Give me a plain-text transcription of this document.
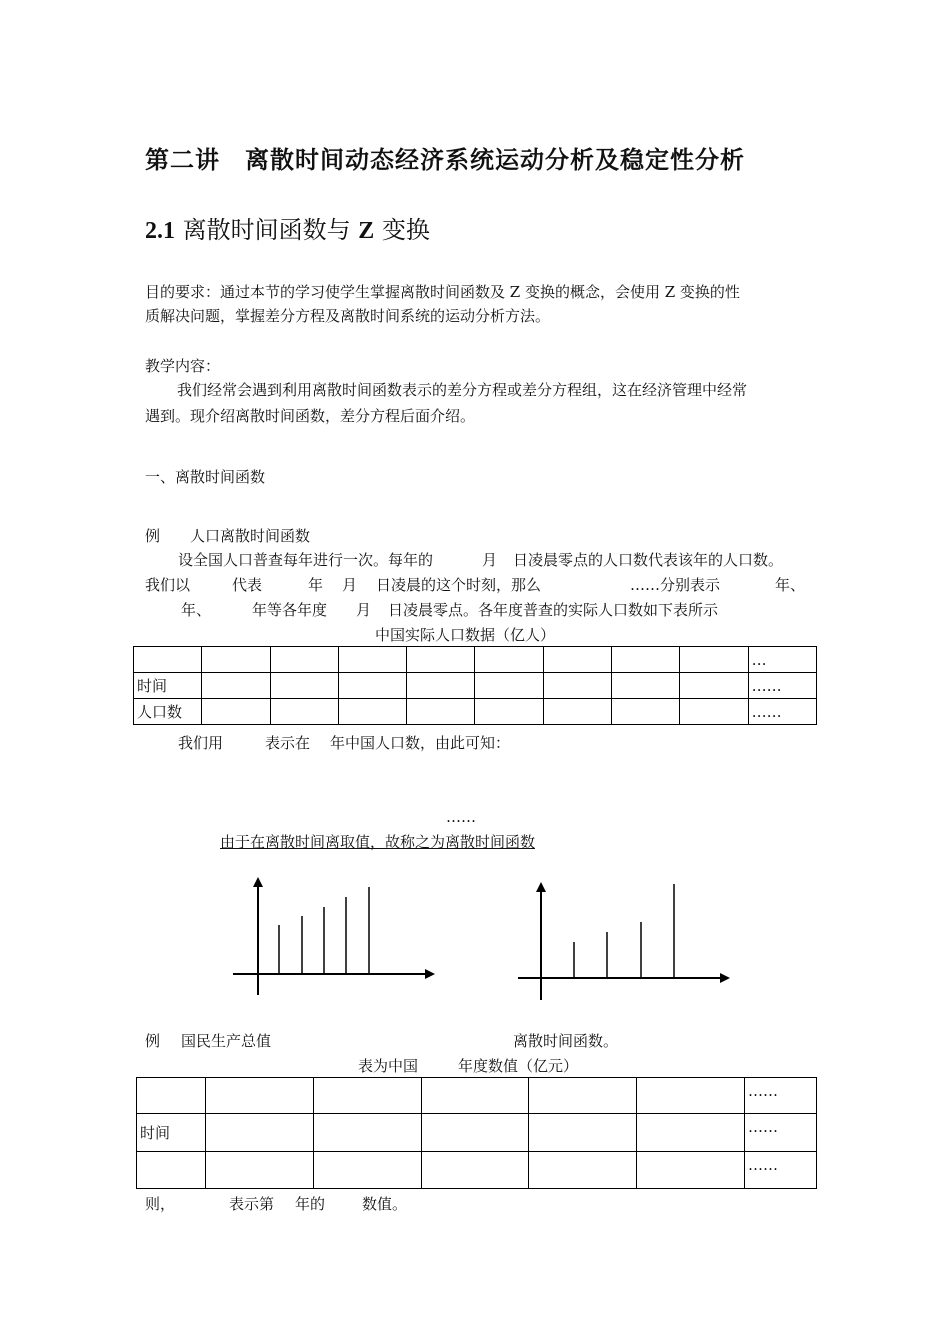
第二讲　离散时间动态经济系统运动分析及稳定性分析
2.1 离散时间函数与 Z 变换
目的要求：通过本节的学习使学生掌握离散时间函数及 Z 变换的概念，会使用 Z 变换的性
质解决问题，掌握差分方程及离散时间系统的运动分析方法。
教学内容：
我们经常会遇到利用离散时间函数表示的差分方程或差分方程组，这在经济管理中经常
遇到。现介绍离散时间函数，差分方程后面介绍。
一、离散时间函数
例 人口离散时间函数
设全国人口普查每年进行一次。每年的	月 日凌晨零点的人口数代表该年的人口数。
我们以	代表	年 月 日凌晨的这个时刻，那么	……分别表示	年、
年、	年等各年度 月 日凌晨零点。各年度普查的实际人口数如下表所示
中国实际人口数据（亿人）
									…
时间									……
人口数									……
我们用	表示在 年中国人口数，由此可知：
……
由于在离散时间离取值，故称之为离散时间函数
例 国民生产总值	离散时间函数。
表为中国	年度数值（亿元）
						……
时间						……
						……
则，	表示第 年的 数值。
